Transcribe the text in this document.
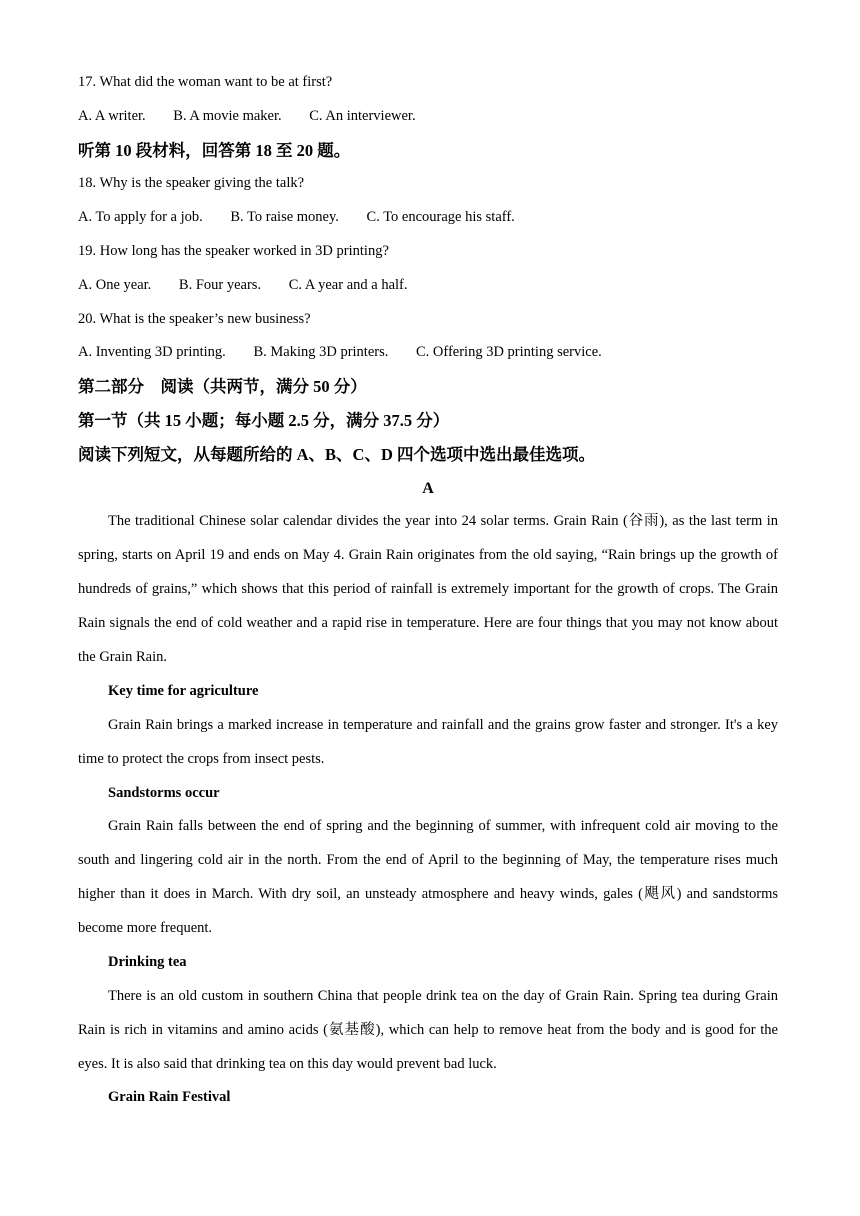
17. What did the woman want to be at first?
A. A writer. B. A movie maker. C. An interviewer.
听第 10 段材料，回答第 18 至 20 题。
18. Why is the speaker giving the talk?
A. To apply for a job. B. To raise money. C. To encourage his staff.
19. How long has the speaker worked in 3D printing?
A. One year. B. Four years. C. A year and a half.
20. What is the speaker’s new business?
A. Inventing 3D printing. B. Making 3D printers. C. Offering 3D printing service.
第二部分　阅读（共两节，满分 50 分）
第一节（共 15 小题；每小题 2.5 分，满分 37.5 分）
阅读下列短文，从每题所给的 A、B、C、D 四个选项中选出最佳选项。
A

The traditional Chinese solar calendar divides the year into 24 solar terms. Grain Rain (谷雨), as the last term in spring, starts on April 19 and ends on May 4. Grain Rain originates from the old saying, “Rain brings up the growth of hundreds of grains,” which shows that this period of rainfall is extremely important for the growth of crops. The Grain Rain signals the end of cold weather and a rapid rise in temperature. Here are four things that you may not know about the Grain Rain.

Key time for agriculture

Grain Rain brings a marked increase in temperature and rainfall and the grains grow faster and stronger. It's a key time to protect the crops from insect pests.

Sandstorms occur

Grain Rain falls between the end of spring and the beginning of summer, with infrequent cold air moving to the south and lingering cold air in the north. From the end of April to the beginning of May, the temperature rises much higher than it does in March. With dry soil, an unsteady atmosphere and heavy winds, gales (飓风) and sandstorms become more frequent.

Drinking tea

There is an old custom in southern China that people drink tea on the day of Grain Rain. Spring tea during Grain Rain is rich in vitamins and amino acids (氨基酸), which can help to remove heat from the body and is good for the eyes. It is also said that drinking tea on this day would prevent bad luck.

Grain Rain Festival
